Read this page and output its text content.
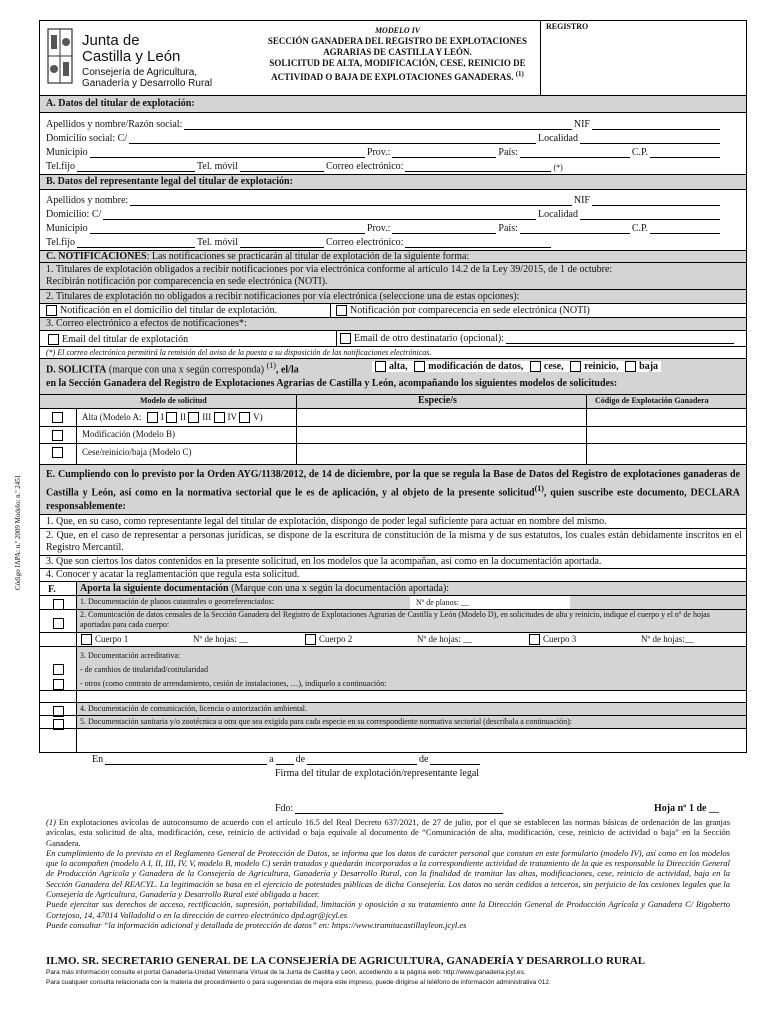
Junta de
Castilla y León
Consejería de Agricultura,
Ganadería y Desarrollo Rural
MODELO IV
SECCIÓN GANADERA DEL REGISTRO DE EXPLOTACIONES
AGRARIAS DE CASTILLA Y LEÓN.
SOLICITUD DE ALTA, MODIFICACIÓN, CESE, REINICIO DE
ACTIVIDAD O BAJA DE EXPLOTACIONES GANADERAS. $^{(1)}$
REGISTRO
Código IAPA: n.º 2009 Modelo: n.º 2451
A. Datos del titular de explotación:
Apellidos y nombre/Razón social:	NIF
Domicilio social: C/	Localidad
Municipio	Prov.:	País:	C.P.
Tel.fijo	Tel. móvil	Correo electrónico:	(*)
B. Datos del representante legal del titular de explotación:
Apellidos y nombre:	NIF
Domicilio: C/	Localidad
Municipio	Prov.:	País:	C.P.
Tel.fijo	Tel. móvil	Correo electrónico:
C. NOTIFICACIONES: Las notificaciones se practicarán al titular de explotación de la siguiente forma:
1. Titulares de explotación obligados a recibir notificaciones por vía electrónica conforme al artículo 14.2 de la Ley 39/2015, de 1 de octubre:
Recibirán notificación por comparecencia en sede electrónica (NOTI).
2. Titulares de explotación no obligados a recibir notificaciones por vía electrónica (seleccione una de estas opciones):
Notificación en el domicilio del titular de explotación.	Notificación por comparecencia en sede electrónica (NOTI)
3. Correo electrónico a efectos de notificaciones*:
Email del titular de explotación	Email de otro destinatario (opcional):
(*) El correo electrónico permitirá la remisión del aviso de la puesta a su disposición de las notificaciones electrónicas.
D. SOLICITA (marque con una x según corresponda) $^{(1)}$, el/la	alta, modificación de datos, cese, reinicio, baja
en la Sección Ganadera del Registro de Explotaciones Agrarias de Castilla y León, acompañando los siguientes modelos de solicitudes:
Modelo de solicitud	Especie/s	Código de Explotación Ganadera
Alta (Modelo A: I II III IV V)
Modificación (Modelo B)
Cese/reinicio/baja (Modelo C)
E. Cumpliendo con lo previsto por la Orden AYG/1138/2012, de 14 de diciembre, por la que se regula la Base de Datos del Registro de explotaciones ganaderas de Castilla y León, así como en la normativa sectorial que le es de aplicación, y al objeto de la presente solicitud$^{(1)}$, quien suscribe este documento, DECLARA responsablemente:
1. Que, en su caso, como representante legal del titular de explotación, dispongo de poder legal suficiente para actuar en nombre del mismo.
2. Que, en el caso de representar a personas jurídicas, se dispone de la escritura de constitución de la misma y de sus estatutos, los cuales están debidamente inscritos en el Registro Mercantil.
3. Que son ciertos los datos contenidos en la presente solicitud, en los modelos que la acompañan, así como en la documentación aportada.
4. Conocer y acatar la reglamentación que regula esta solicitud.
F. Aporta la siguiente documentación (Marque con una x según la documentación aportada):
1. Documentación de planos catastrales o georreferenciados:	Nº de planos: __
2. Comunicación de datos censales de la Sección Ganadera del Registro de Explotaciones Agrarias de Castilla y León (Modelo D), en solicitudes de alta y reinicio, indique el cuerpo y el nº de hojas aportadas para cada cuerpo:
Cuerpo 1	Nº de hojas: __	Cuerpo 2	Nº de hojas: __	Cuerpo 3	Nº de hojas:__
3. Documentación acreditativa:
- de cambios de titularidad/cotitularidad
- otros (como contrato de arrendamiento, cesión de instalaciones, …), indíquelo a continuación:
4. Documentación de comunicación, licencia o autorización ambiental.
5. Documentación sanitaria y/o zootécnica u otra que sea exigida para cada especie en su correspondiente normativa sectorial (descríbala a continuación):
En	a de	de
Firma del titular de explotación/representante legal
Fdo:	Hoja nº 1 de __
(1) En explotaciones avícolas de autoconsumo de acuerdo con el artículo 16.5 del Real Decreto 637/2021, de 27 de julio, por el que se establecen las normas básicas de ordenación de las granjas avícolas, esta solicitud de alta, modificación, cese, reinicio de actividad o baja equivale al documento de “Comunicación de alta, modificación, cese, reinicio de actividad o baja” en la Sección Ganadera.
En cumplimiento de lo previsto en el Reglamento General de Protección de Datos, se informa que los datos de carácter personal que constan en este formulario (modelo IV), así como en los modelos que lo acompañen (modelo A I, II, III, IV, V, modelo B, modelo C) serán tratados y quedarán incorporados a la correspondiente actividad de tratamiento de la que es responsable la Dirección General de Producción Agrícola y Ganadera de la Consejería de Agricultura, Ganadería y Desarrollo Rural, con la finalidad de tramitar las altas, modificaciones, cese, reinicio de actividad, baja en la Sección Ganadera del REACYL. La legitimación se basa en el ejercicio de potestades públicas de dicha Consejería. Los datos no serán cedidos a terceros, sin perjuicio de las cesiones legales que la Consejería de Agricultura, Ganadería y Desarrollo Rural esté obligada a hacer.
Puede ejercitar sus derechos de acceso, rectificación, supresión, portabilidad, limitación y oposición a su tratamiento ante la Dirección General de Producción Agrícola y Ganadera C/ Rigoberto Cortejoso, 14, 47014 Valladolid o en la dirección de correo electrónico dpd.agr@jcyl.es
Puede consultar “la información adicional y detallada de protección de datos” en: https://www.tramitacastillayleon.jcyl.es
ILMO. SR. SECRETARIO GENERAL DE LA CONSEJERÍA DE AGRICULTURA, GANADERÍA Y DESARROLLO RURAL
Para más información consulte el portal Ganadería-Unidad Veterinaria Virtual de la Junta de Castilla y León, accediendo a la página web: http://www.ganaderia.jcyl.es.
Para cualquier consulta relacionada con la materia del procedimiento o para sugerencias de mejora este impreso, puede dirigirse al teléfono de información administrativa 012.
